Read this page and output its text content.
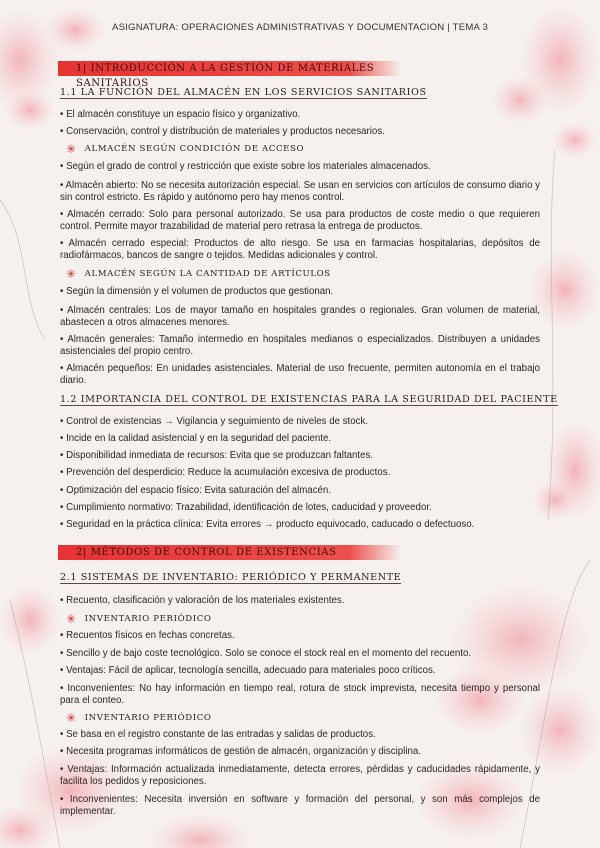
ASIGNATURA: OPERACIONES ADMINISTRATIVAS Y DOCUMENTACION | TEMA 3
1| INTRODUCCIÓN A LA GESTIÓN DE MATERIALES SANITARIOS
1.1 LA FUNCIÓN DEL ALMACÉN EN LOS SERVICIOS SANITARIOS
• El almacén constituye un espacio físico y organizativo.
• Conservación, control y distribución de materiales y productos necesarios.
✳ ALMACÉN SEGÚN CONDICIÓN DE ACCESO
• Según el grado de control y restricción que existe sobre los materiales almacenados.
• Almacén abierto: No se necesita autorización especial. Se usan en servicios con artículos de consumo diario y sin control estricto. Es rápido y autónomo pero hay menos control.
• Almacén cerrado: Solo para personal autorizado. Se usa para productos de coste medio o que requieren control. Permite mayor trazabilidad de material pero retrasa la entrega de productos.
• Almacén cerrado especial: Productos de alto riesgo. Se usa en farmacias hospitalarias, depósitos de radiofármacos, bancos de sangre o tejidos. Medidas adicionales y control.
✳ ALMACÉN SEGÚN LA CANTIDAD DE ARTÍCULOS
• Según la dimensión y el volumen de productos que gestionan.
• Almacén centrales: Los de mayor tamaño en hospitales grandes o regionales. Gran volumen de material, abastecen a otros almacenes menores.
• Almacén generales: Tamaño intermedio en hospitales medianos o especializados. Distribuyen a unidades asistenciales del propio centro.
• Almacén pequeños: En unidades asistenciales. Material de uso frecuente, permiten autonomía en el trabajo diario.
1.2 IMPORTANCIA DEL CONTROL DE EXISTENCIAS PARA LA SEGURIDAD DEL PACIENTE
• Control de existencias → Vigilancia y seguimiento de niveles de stock.
• Incide en la calidad asistencial y en la seguridad del paciente.
• Disponibilidad inmediata de recursos: Evita que se produzcan faltantes.
• Prevención del desperdicio: Reduce la acumulación excesiva de productos.
• Optimización del espacio físico: Evita saturación del almacén.
• Cumplimiento normativo: Trazabilidad, identificación de lotes, caducidad y proveedor.
• Seguridad en la práctica clínica: Evita errores → producto equivocado, caducado o defectuoso.
2| MÉTODOS DE CONTROL DE EXISTENCIAS
2.1 SISTEMAS DE INVENTARIO: PERIÓDICO Y PERMANENTE
• Recuento, clasificación y valoración de los materiales existentes.
✳ INVENTARIO PERIÓDICO
• Recuentos físicos en fechas concretas.
• Sencillo y de bajo coste tecnológico. Solo se conoce el stock real en el momento del recuento.
• Ventajas: Fácil de aplicar, tecnología sencilla, adecuado para materiales poco críticos.
• Inconvenientes: No hay información en tiempo real, rotura de stock imprevista, necesita tiempo y personal para el conteo.
✳ INVENTARIO PERIÓDICO
• Se basa en el registro constante de las entradas y salidas de productos.
• Necesita programas informáticos de gestión de almacén, organización y disciplina.
• Ventajas: Información actualizada inmediatamente, detecta errores, pérdidas y caducidades rápidamente, y facilita los pedidos y reposiciones.
• Inconvenientes: Necesita inversión en software y formación del personal, y son más complejos de implementar.
